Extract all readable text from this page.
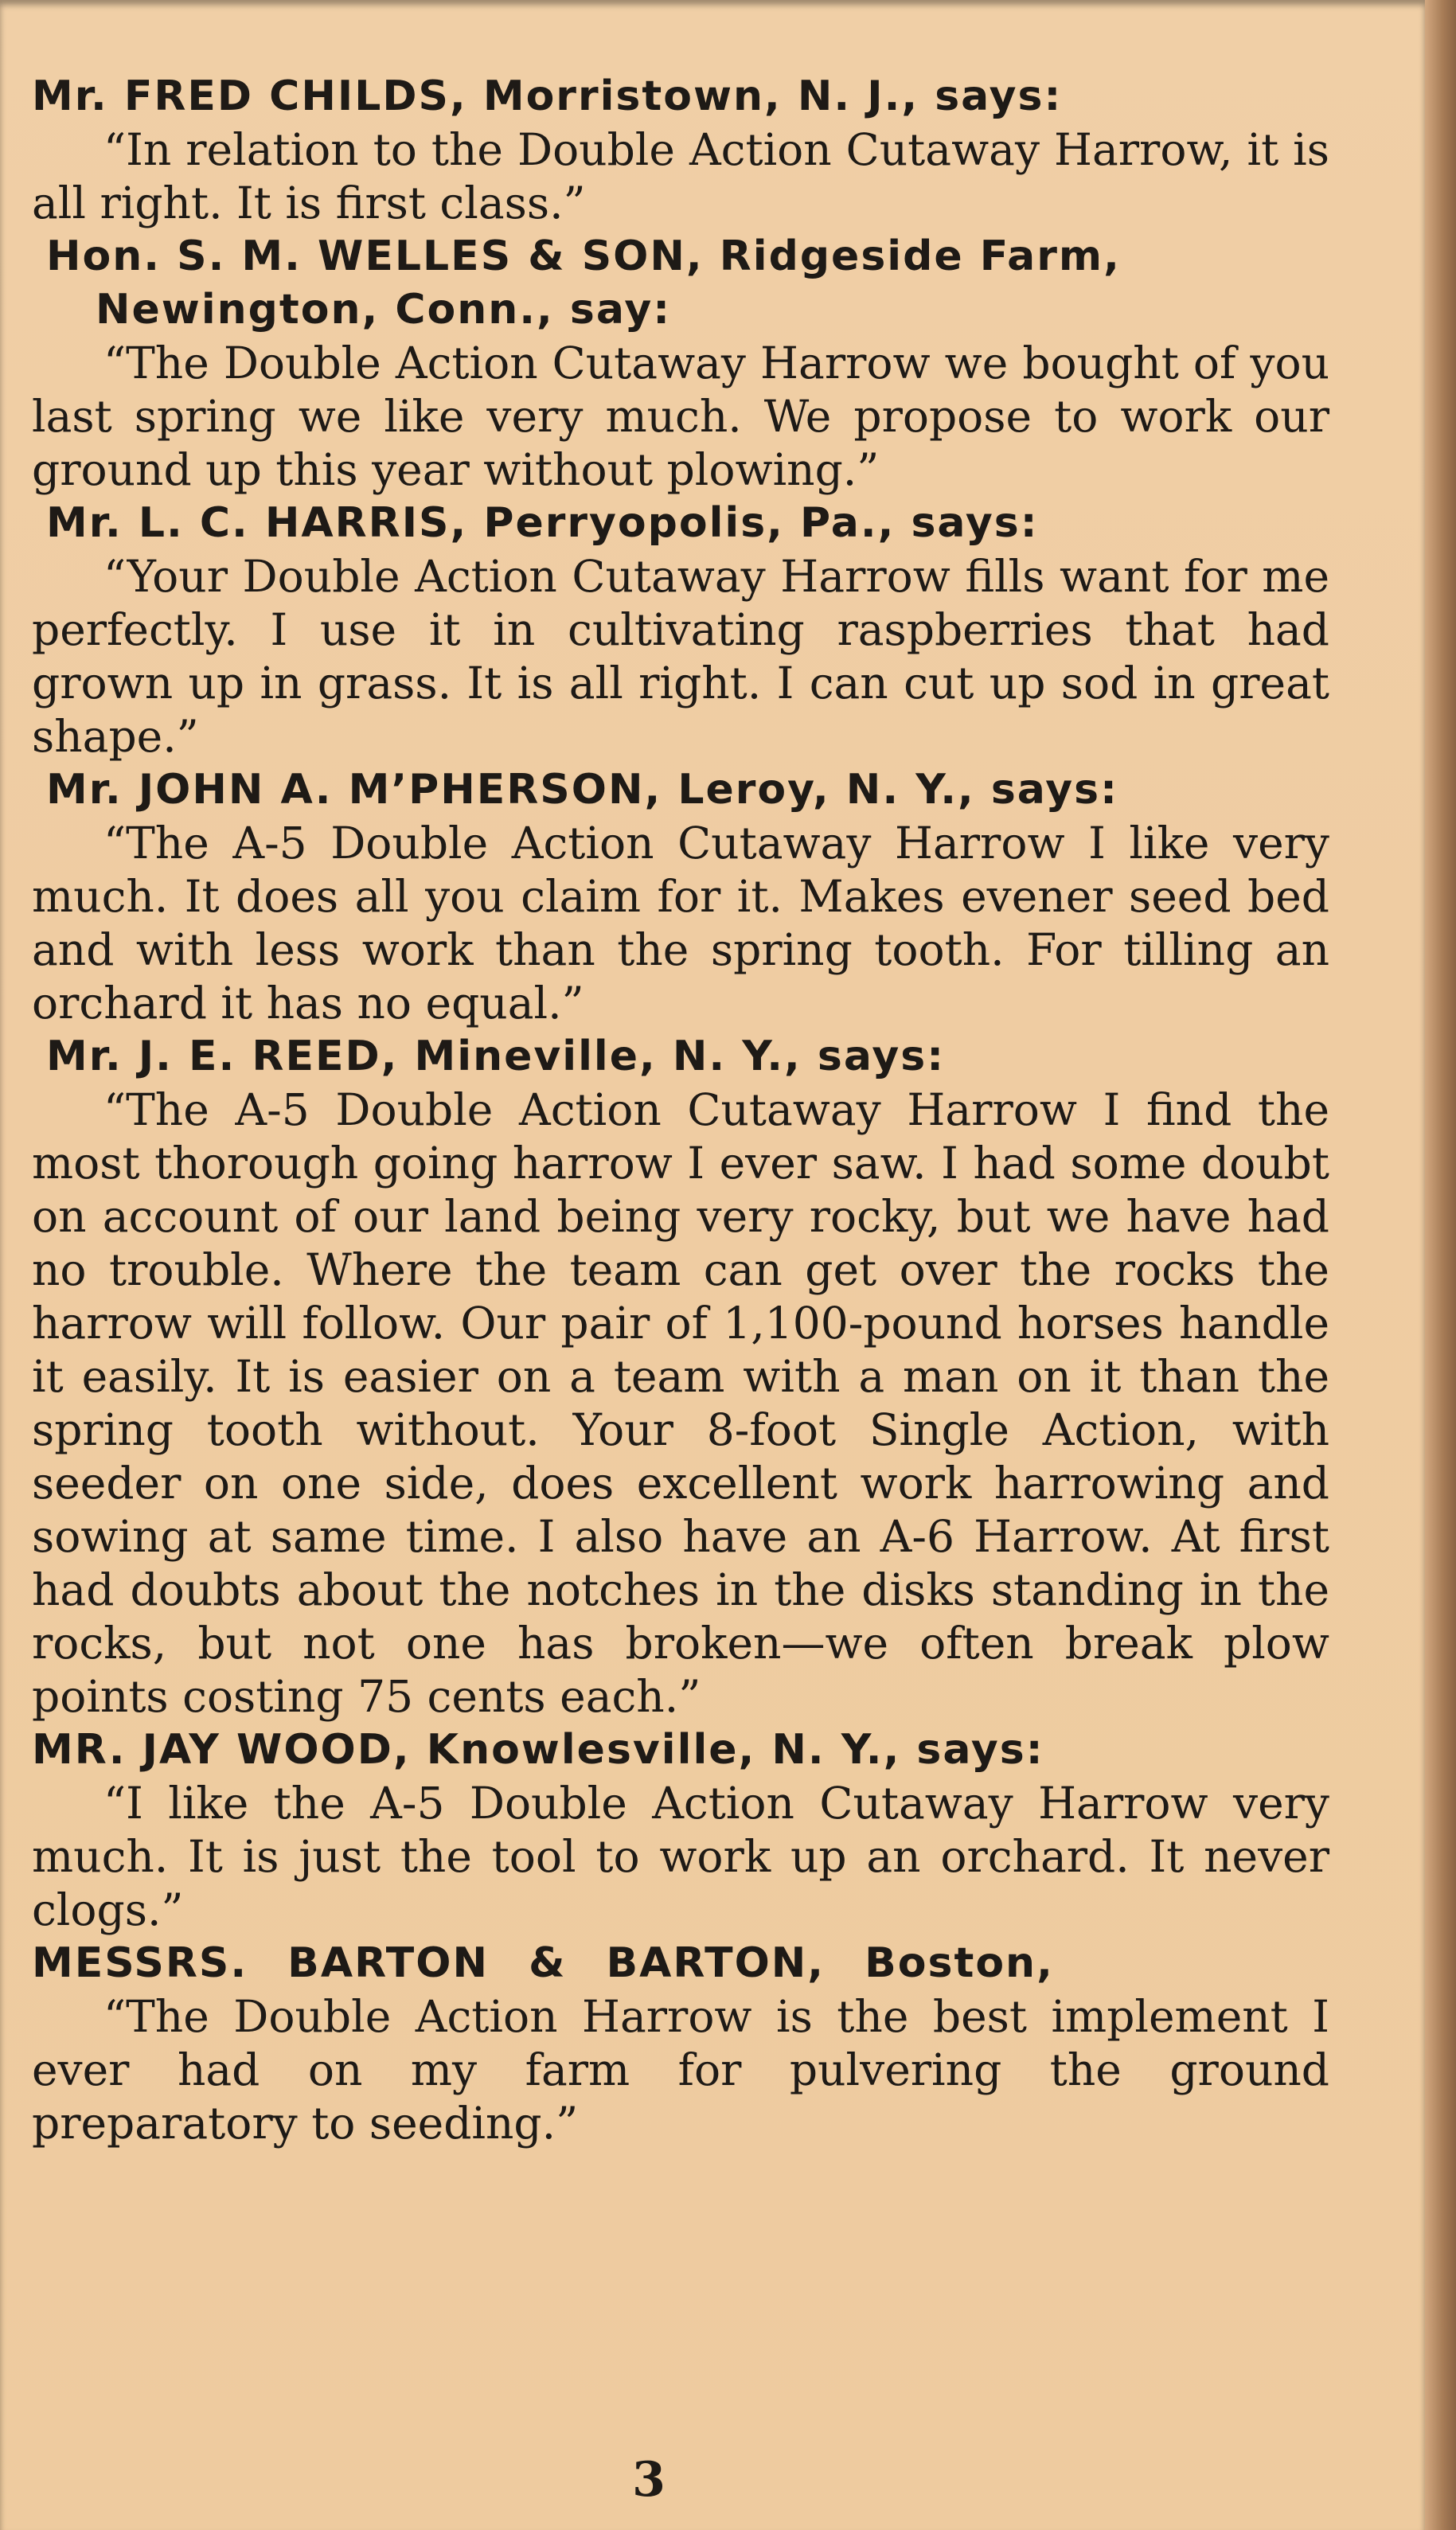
Mr. FRED CHILDS, Morristown, N. J., says:

“In relation to the Double Action Cutaway Harrow, it is all right. It is first class.”

Hon. S. M. WELLES & SON, Ridgeside Farm,
Newington, Conn., say:

“The Double Action Cutaway Harrow we bought of you last spring we like very much. We propose to work our ground up this year without plowing.”

Mr. L. C. HARRIS, Perryopolis, Pa., says:

“Your Double Action Cutaway Harrow fills want for me perfectly. I use it in cultivating raspberries that had grown up in grass. It is all right. I can cut up sod in great shape.”

Mr. JOHN A. M’PHERSON, Leroy, N. Y., says:

“The A-5 Double Action Cutaway Harrow I like very much. It does all you claim for it. Makes evener seed bed and with less work than the spring tooth. For tilling an orchard it has no equal.”

Mr. J. E. REED, Mineville, N. Y., says:

“The A-5 Double Action Cutaway Harrow I find the most thorough going harrow I ever saw. I had some doubt on account of our land being very rocky, but we have had no trouble. Where the team can get over the rocks the harrow will follow. Our pair of 1,100-pound horses handle it easily. It is easier on a team with a man on it than the spring tooth without. Your 8-foot Single Action, with seeder on one side, does excellent work harrowing and sowing at same time. I also have an A-6 Harrow. At first had doubts about the notches in the disks standing in the rocks, but not one has broken—we often break plow points costing 75 cents each.”

MR. JAY WOOD, Knowlesville, N. Y., says:

“I like the A-5 Double Action Cutaway Harrow very much. It is just the tool to work up an orchard. It never clogs.”

MESSRS. BARTON & BARTON, Boston,

“The Double Action Harrow is the best implement I ever had on my farm for pulvering the ground preparatory to seeding.”

3
